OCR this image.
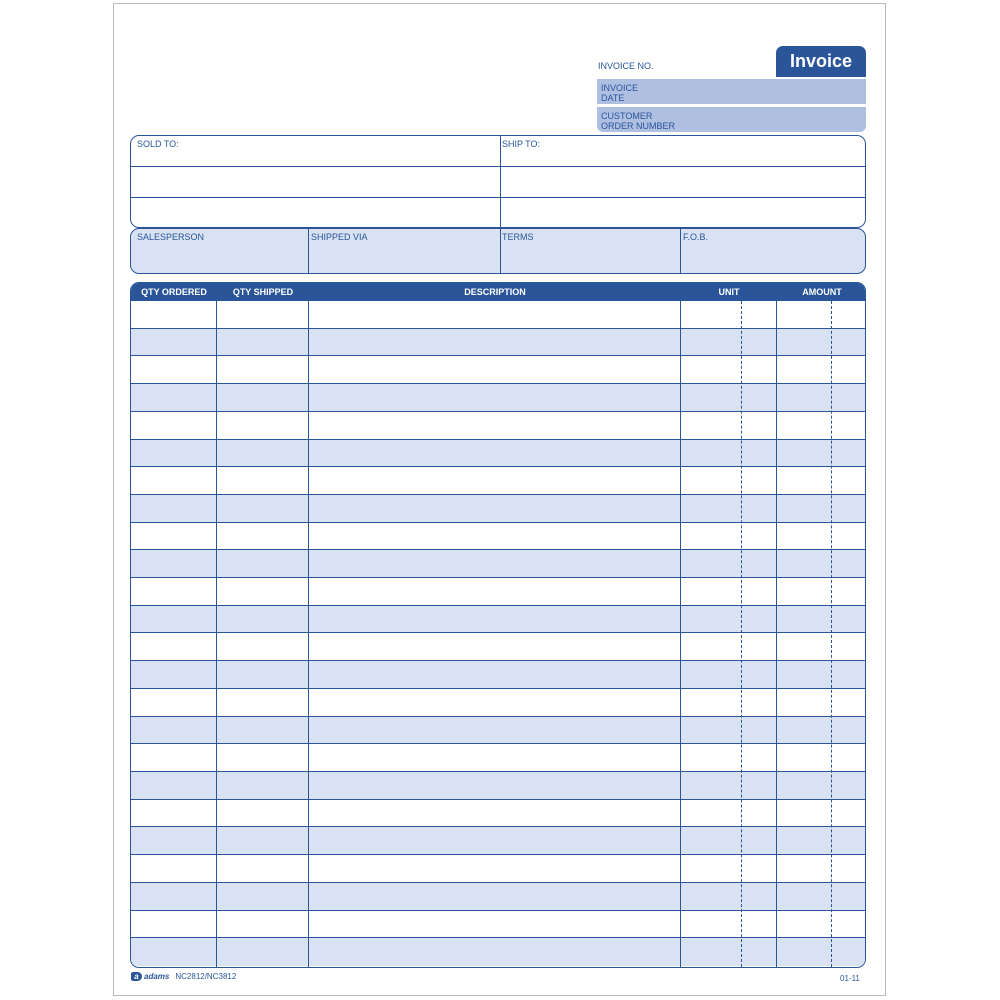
INVOICE NO.	Invoice
INVOICE
DATE
CUSTOMER
ORDER NUMBER
SOLD TO:	SHIP TO:
SALESPERSON	SHIPPED VIA	TERMS	F.O.B.
QTY ORDERED	QTY SHIPPED	DESCRIPTION	UNIT	AMOUNT
a adams NC2812/NC3812	01-11
